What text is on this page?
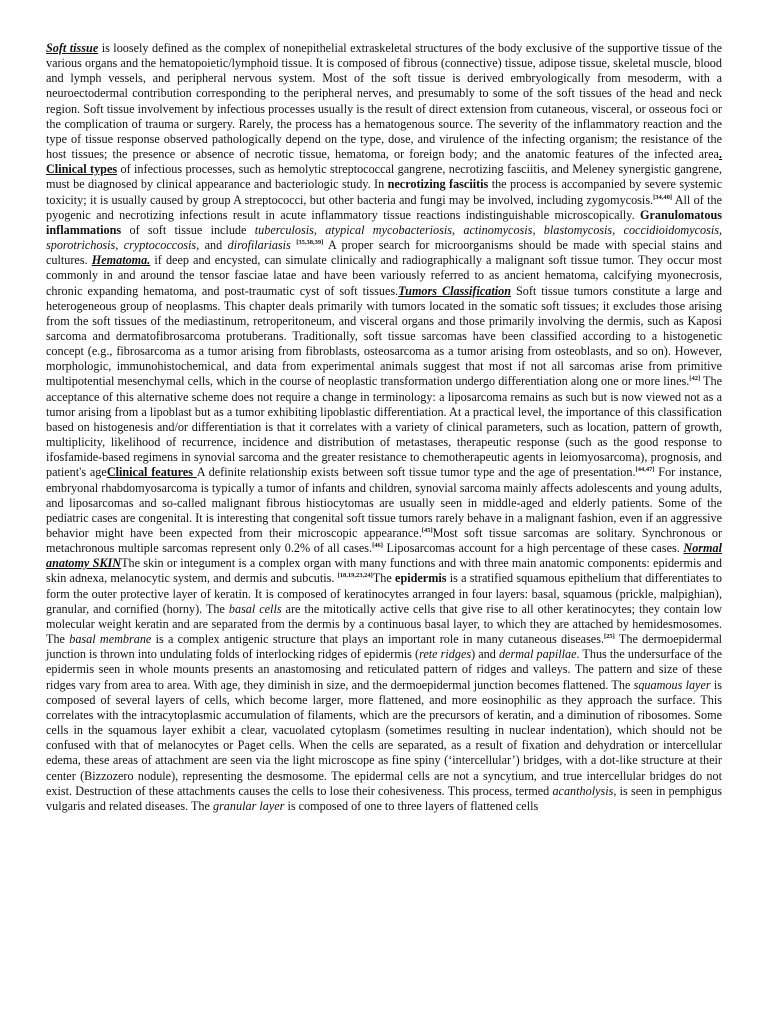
Soft tissue is loosely defined as the complex of nonepithelial extraskeletal structures of the body exclusive of the supportive tissue of the various organs and the hematopoietic/lymphoid tissue. It is composed of fibrous (connective) tissue, adipose tissue, skeletal muscle, blood and lymph vessels, and peripheral nervous system. Most of the soft tissue is derived embryologically from mesoderm, with a neuroectodermal contribution corresponding to the peripheral nerves, and presumably to some of the soft tissues of the head and neck region. Soft tissue involvement by infectious processes usually is the result of direct extension from cutaneous, visceral, or osseous foci or the complication of trauma or surgery. Rarely, the process has a hematogenous source. The severity of the inflammatory reaction and the type of tissue response observed pathologically depend on the type, dose, and virulence of the infecting organism; the resistance of the host tissues; the presence or absence of necrotic tissue, hematoma, or foreign body; and the anatomic features of the infected area. Clinical types of infectious processes, such as hemolytic streptococcal gangrene, necrotizing fasciitis, and Meleney synergistic gangrene, must be diagnosed by clinical appearance and bacteriologic study. In necrotizing fasciitis the process is accompanied by severe systemic toxicity; it is usually caused by group A streptococci, but other bacteria and fungi may be involved, including zygomycosis.[34,40] All of the pyogenic and necrotizing infections result in acute inflammatory tissue reactions indistinguishable microscopically. Granulomatous inflammations of soft tissue include tuberculosis, atypical mycobacteriosis, actinomycosis, blastomycosis, coccidioidomycosis, sporotrichosis, cryptococcosis, and dirofilariasis [35,38,39] A proper search for microorganisms should be made with special stains and cultures. Hematoma. if deep and encysted, can simulate clinically and radiographically a malignant soft tissue tumor. They occur most commonly in and around the tensor fasciae latae and have been variously referred to as ancient hematoma, calcifying myonecrosis, chronic expanding hematoma, and post-traumatic cyst of soft tissues.Tumors Classification Soft tissue tumors constitute a large and heterogeneous group of neoplasms. This chapter deals primarily with tumors located in the somatic soft tissues; it excludes those arising from the soft tissues of the mediastinum, retroperitoneum, and visceral organs and those primarily involving the dermis, such as Kaposi sarcoma and dermatofibrosarcoma protuberans. Traditionally, soft tissue sarcomas have been classified according to a histogenetic concept (e.g., fibrosarcoma as a tumor arising from fibroblasts, osteosarcoma as a tumor arising from osteoblasts, and so on). However, morphologic, immunohistochemical, and data from experimental animals suggest that most if not all sarcomas arise from primitive multipotential mesenchymal cells, which in the course of neoplastic transformation undergo differentiation along one or more lines.[42] The acceptance of this alternative scheme does not require a change in terminology: a liposarcoma remains as such but is now viewed not as a tumor arising from a lipoblast but as a tumor exhibiting lipoblastic differentiation. At a practical level, the importance of this classification based on histogenesis and/or differentiation is that it correlates with a variety of clinical parameters, such as location, pattern of growth, multiplicity, likelihood of recurrence, incidence and distribution of metastases, therapeutic response (such as the good response to ifosfamide-based regimens in synovial sarcoma and the greater resistance to chemotherapeutic agents in leiomyosarcoma), prognosis, and patient's ageClinical features A definite relationship exists between soft tissue tumor type and the age of presentation.[44,47] For instance, embryonal rhabdomyosarcoma is typically a tumor of infants and children, synovial sarcoma mainly affects adolescents and young adults, and liposarcomas and so-called malignant fibrous histiocytomas are usually seen in middle-aged and elderly patients. Some of the pediatric cases are congenital. It is interesting that congenital soft tissue tumors rarely behave in a malignant fashion, even if an aggressive behavior might have been expected from their microscopic appearance.[45]Most soft tissue sarcomas are solitary. Synchronous or metachronous multiple sarcomas represent only 0.2% of all cases.[46] Liposarcomas account for a high percentage of these cases. Normal anatomy SKINThe skin or integument is a complex organ with many functions and with three main anatomic components: epidermis and skin adnexa, melanocytic system, and dermis and subcutis. [18,19,23,24]The epidermis is a stratified squamous epithelium that differentiates to form the outer protective layer of keratin. It is composed of keratinocytes arranged in four layers: basal, squamous (prickle, malpighian), granular, and cornified (horny). The basal cells are the mitotically active cells that give rise to all other keratinocytes; they contain low molecular weight keratin and are separated from the dermis by a continuous basal layer, to which they are attached by hemidesmosomes. The basal membrane is a complex antigenic structure that plays an important role in many cutaneous diseases.[25] The dermoepidermal junction is thrown into undulating folds of interlocking ridges of epidermis (rete ridges) and dermal papillae. Thus the undersurface of the epidermis seen in whole mounts presents an anastomosing and reticulated pattern of ridges and valleys. The pattern and size of these ridges vary from area to area. With age, they diminish in size, and the dermoepidermal junction becomes flattened. The squamous layer is composed of several layers of cells, which become larger, more flattened, and more eosinophilic as they approach the surface. This correlates with the intracytoplasmic accumulation of filaments, which are the precursors of keratin, and a diminution of ribosomes. Some cells in the squamous layer exhibit a clear, vacuolated cytoplasm (sometimes resulting in nuclear indentation), which should not be confused with that of melanocytes or Paget cells. When the cells are separated, as a result of fixation and dehydration or intercellular edema, these areas of attachment are seen via the light microscope as fine spiny (‘intercellular’) bridges, with a dot-like structure at their center (Bizzozero nodule), representing the desmosome. The epidermal cells are not a syncytium, and true intercellular bridges do not exist. Destruction of these attachments causes the cells to lose their cohesiveness. This process, termed acantholysis, is seen in pemphigus vulgaris and related diseases. The granular layer is composed of one to three layers of flattened cells
